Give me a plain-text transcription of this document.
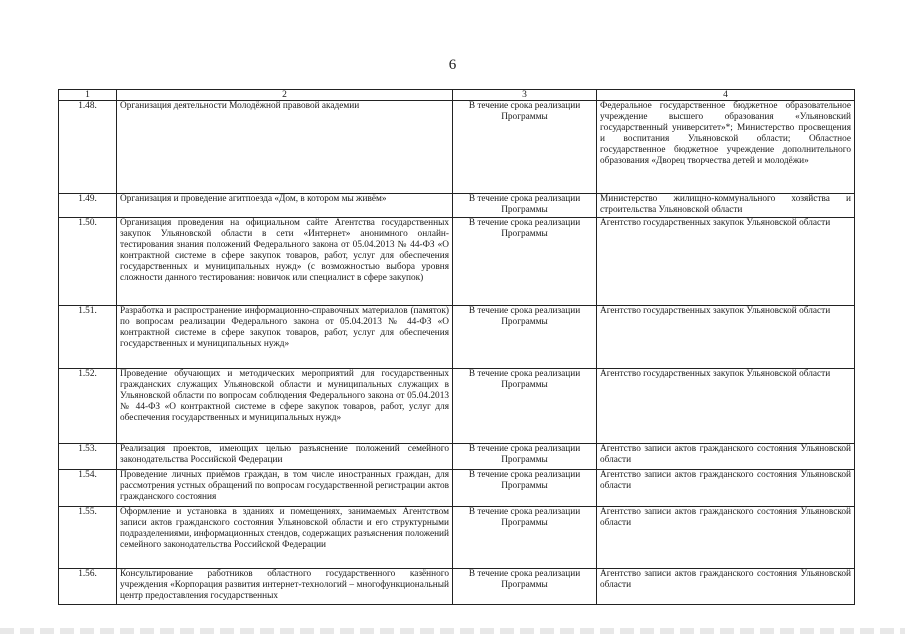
6
1	2	3	4
1.48.	Организация деятельности Молодёжной правовой академии	В течение срока реализации Программы	Федеральное государственное бюджетное образовательное учреждение высшего образования «Ульяновский государственный университет»*; Министерство просвещения и воспитания Ульяновской области; Областное государственное бюджетное учреждение дополнительного образования «Дворец творчества детей и молодёжи»
1.49.	Организация и проведение агитпоезда «Дом, в котором мы живём»	В течение срока реализации Программы	Министерство жилищно-коммунального хозяйства и строительства Ульяновской области
1.50.	Организация проведения на официальном сайте Агентства государственных закупок Ульяновской области в сети «Интернет» анонимного онлайн-тестирования знания положений Федерального закона от 05.04.2013 № 44-ФЗ «О контрактной системе в сфере закупок товаров, работ, услуг для обеспечения государственных и муниципальных нужд» (с возможностью выбора уровня сложности данного тестирования: новичок или специалист в сфере закупок)	В течение срока реализации Программы	Агентство государственных закупок Ульяновской области
1.51.	Разработка и распространение информационно-справочных материалов (памяток) по вопросам реализации Федерального закона от 05.04.2013 № 44-ФЗ «О контрактной системе в сфере закупок товаров, работ, услуг для обеспечения государственных и муниципальных нужд»	В течение срока реализации Программы	Агентство государственных закупок Ульяновской области
1.52.	Проведение обучающих и методических мероприятий для государственных гражданских служащих Ульяновской области и муниципальных служащих в Ульяновской области по вопросам соблюдения Федерального закона от 05.04.2013 № 44-ФЗ «О контрактной системе в сфере закупок товаров, работ, услуг для обеспечения государственных и муниципальных нужд»	В течение срока реализации Программы	Агентство государственных закупок Ульяновской области
1.53.	Реализация проектов, имеющих целью разъяснение положений семейного законодательства Российской Федерации	В течение срока реализации Программы	Агентство записи актов гражданского состояния Ульяновской области
1.54.	Проведение личных приёмов граждан, в том числе иностранных граждан, для рассмотрения устных обращений по вопросам государственной регистрации актов гражданского состояния	В течение срока реализации Программы	Агентство записи актов гражданского состояния Ульяновской области
1.55.	Оформление и установка в зданиях и помещениях, занимаемых Агентством записи актов гражданского состояния Ульяновской области и его структурными подразделениями, информационных стендов, содержащих разъяснения положений семейного законодательства Российской Федерации	В течение срока реализации Программы	Агентство записи актов гражданского состояния Ульяновской области
1.56.	Консультирование работников областного государственного казённого учреждения «Корпорация развития интернет-технологий – многофункциональный центр предоставления государственных	В течение срока реализации Программы	Агентство записи актов гражданского состояния Ульяновской области
